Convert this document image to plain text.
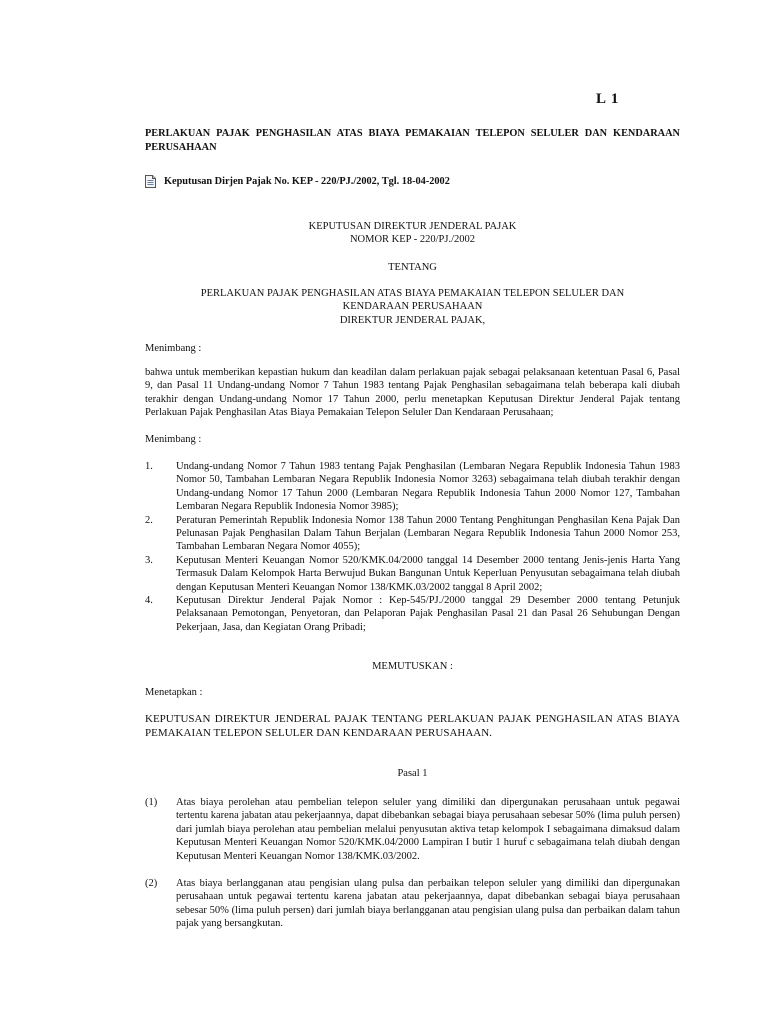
L 1
PERLAKUAN PAJAK PENGHASILAN ATAS BIAYA PEMAKAIAN TELEPON SELULER DAN KENDARAAN PERUSAHAAN
Keputusan Dirjen Pajak No. KEP - 220/PJ./2002, Tgl. 18-04-2002
KEPUTUSAN DIREKTUR JENDERAL PAJAK
NOMOR KEP - 220/PJ./2002
TENTANG
PERLAKUAN PAJAK PENGHASILAN ATAS BIAYA PEMAKAIAN TELEPON SELULER DAN
KENDARAAN PERUSAHAAN
DIREKTUR JENDERAL PAJAK,
Menimbang :
bahwa untuk memberikan kepastian hukum dan keadilan dalam perlakuan pajak sebagai pelaksanaan ketentuan Pasal 6, Pasal 9, dan Pasal 11 Undang-undang Nomor 7 Tahun 1983 tentang Pajak Penghasilan sebagaimana telah beberapa kali diubah terakhir dengan Undang-undang Nomor 17 Tahun 2000, perlu menetapkan Keputusan Direktur Jenderal Pajak tentang Perlakuan Pajak Penghasilan Atas Biaya Pemakaian Telepon Seluler Dan Kendaraan Perusahaan;
Menimbang :
1.	Undang-undang Nomor 7 Tahun 1983 tentang Pajak Penghasilan (Lembaran Negara Republik Indonesia Tahun 1983 Nomor 50, Tambahan Lembaran Negara Republik Indonesia Nomor 3263) sebagaimana telah diubah terakhir dengan Undang-undang Nomor 17 Tahun 2000 (Lembaran Negara Republik Indonesia Tahun 2000 Nomor 127, Tambahan Lembaran Negara Republik Indonesia Nomor 3985);
2.	Peraturan Pemerintah Republik Indonesia Nomor 138 Tahun 2000 Tentang Penghitungan Penghasilan Kena Pajak Dan Pelunasan Pajak Penghasilan Dalam Tahun Berjalan (Lembaran Negara Republik Indonesia Tahun 2000 Nomor 253, Tambahan Lembaran Negara Nomor 4055);
3.	Keputusan Menteri Keuangan Nomor 520/KMK.04/2000 tanggal 14 Desember 2000 tentang Jenis-jenis Harta Yang Termasuk Dalam Kelompok Harta Berwujud Bukan Bangunan Untuk Keperluan Penyusutan sebagaimana telah diubah dengan Keputusan Menteri Keuangan Nomor 138/KMK.03/2002 tanggal 8 April 2002;
4.	Keputusan Direktur Jenderal Pajak Nomor : Kep-545/PJ./2000 tanggal 29 Desember 2000 tentang Petunjuk Pelaksanaan Pemotongan, Penyetoran, dan Pelaporan Pajak Penghasilan Pasal 21 dan Pasal 26 Sehubungan Dengan Pekerjaan, Jasa, dan Kegiatan Orang Pribadi;
MEMUTUSKAN :
Menetapkan :
KEPUTUSAN DIREKTUR JENDERAL PAJAK TENTANG PERLAKUAN PAJAK PENGHASILAN ATAS BIAYA PEMAKAIAN TELEPON SELULER DAN KENDARAAN PERUSAHAAN.
Pasal 1
(1)	Atas biaya perolehan atau pembelian telepon seluler yang dimiliki dan dipergunakan perusahaan untuk pegawai tertentu karena jabatan atau pekerjaannya, dapat dibebankan sebagai biaya perusahaan sebesar 50% (lima puluh persen) dari jumlah biaya perolehan atau pembelian melalui penyusutan aktiva tetap kelompok I sebagaimana dimaksud dalam Keputusan Menteri Keuangan Nomor 520/KMK.04/2000 Lampiran I butir 1 huruf c sebagaimana telah diubah dengan Keputusan Menteri Keuangan Nomor 138/KMK.03/2002.
(2)	Atas biaya berlangganan atau pengisian ulang pulsa dan perbaikan telepon seluler yang dimiliki dan dipergunakan perusahaan untuk pegawai tertentu karena jabatan atau pekerjaannya, dapat dibebankan sebagai biaya perusahaan sebesar 50% (lima puluh persen) dari jumlah biaya berlangganan atau pengisian ulang pulsa dan perbaikan dalam tahun pajak yang bersangkutan.
